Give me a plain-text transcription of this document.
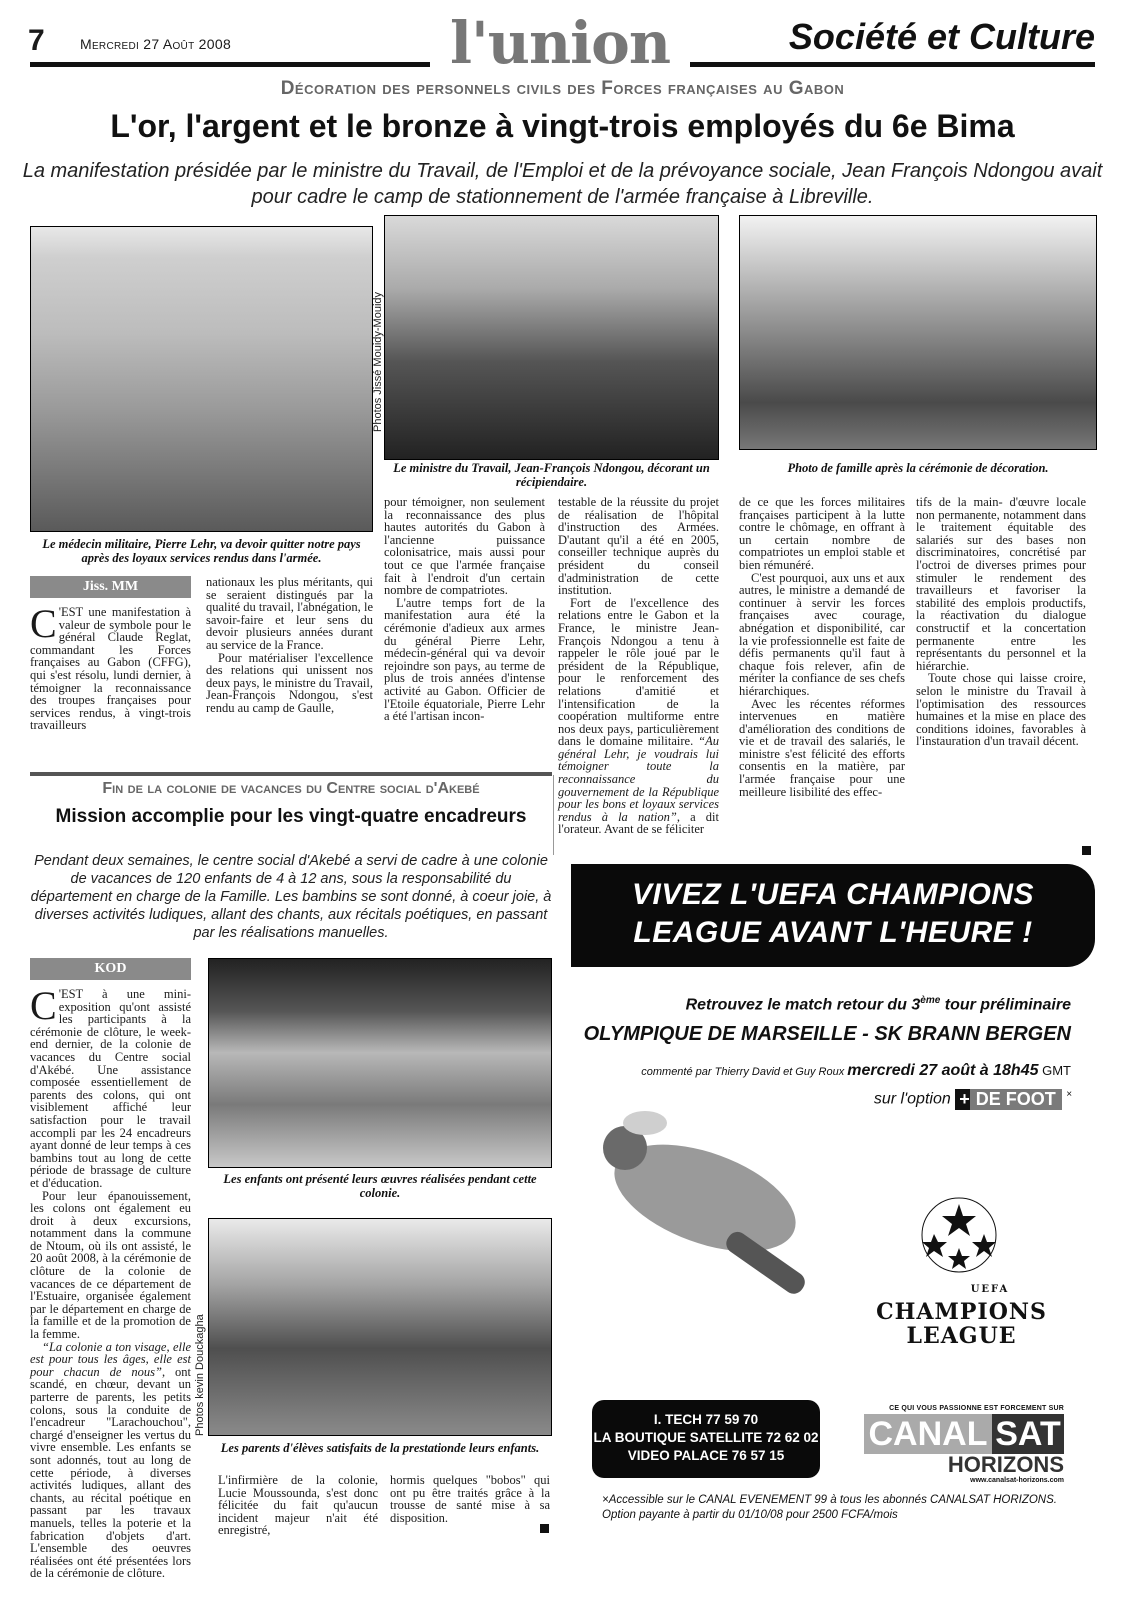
7	Mercredi 27 Août 2008	l'union	Société et Culture
Décoration des personnels civils des Forces françaises au Gabon
L'or, l'argent et le bronze à vingt-trois employés du 6e Bima
La manifestation présidée par le ministre du Travail, de l'Emploi et de la prévoyance sociale, Jean François Ndongou avait pour cadre le camp de stationnement de l'armée française à Libreville.
Photos Jissé Mouidy-Mouidy
Le médecin militaire, Pierre Lehr, va devoir quitter notre pays après des loyaux services rendus dans l'armée.
Le ministre du Travail, Jean-François Ndongou, décorant un récipiendaire.
Photo de famille après la cérémonie de décoration.
Jiss. MM

C 'EST une manifestation à valeur de symbole pour le général Claude Reglat, commandant les Forces françaises au Gabon (CFFG), qui s'est résolu, lundi dernier, à témoigner la reconnaissance des troupes françaises pour services rendus, à vingt-trois travailleurs

nationaux les plus méritants, qui se seraient distingués par la qualité du travail, l'abnégation, le savoir-faire et leur sens du devoir plusieurs années durant au service de la France.

Pour matérialiser l'excellence des relations qui unissent nos deux pays, le ministre du Travail, Jean-François Ndongou, s'est rendu au camp de Gaulle,

pour témoigner, non seulement la reconnaissance des plus hautes autorités du Gabon à l'ancienne puissance colonisatrice, mais aussi pour tout ce que l'armée française fait à l'endroit d'un certain nombre de compatriotes.

L'autre temps fort de la manifestation aura été la cérémonie d'adieux aux armes du général Pierre Lehr, médecin-général qui va devoir rejoindre son pays, au terme de plus de trois années d'intense activité au Gabon. Officier de l'Etoile équatoriale, Pierre Lehr a été l'artisan incon-

testable de la réussite du projet de réalisation de l'hôpital d'instruction des Armées. D'autant qu'il a été en 2005, conseiller technique auprès du président du conseil d'administration de cette institution.

Fort de l'excellence des relations entre le Gabon et la France, le ministre Jean-François Ndongou a tenu à rappeler le rôle joué par le président de la République, pour le renforcement des relations d'amitié et l'intensification de la coopération multiforme entre nos deux pays, particulièrement dans le domaine militaire. “Au général Lehr, je voudrais lui témoigner toute la reconnaissance du gouvernement de la République pour les bons et loyaux services rendus à la nation”, a dit l'orateur. Avant de se féliciter

de ce que les forces militaires françaises participent à la lutte contre le chômage, en offrant à un certain nombre de compatriotes un emploi stable et bien rémunéré.

C'est pourquoi, aux uns et aux autres, le ministre a demandé de continuer à servir les forces françaises avec courage, abnégation et disponibilité, car la vie professionnelle est faite de défis permanents qu'il faut à chaque fois relever, afin de mériter la confiance de ses chefs hiérarchiques.

Avec les récentes réformes intervenues en matière d'amélioration des conditions de vie et de travail des salariés, le ministre s'est félicité des efforts consentis en la matière, par l'armée française pour une meilleure lisibilité des effec-

tifs de la main- d'œuvre locale non permanente, notamment dans le traitement équitable des salariés sur des bases non discriminatoires, concrétisé par l'octroi de diverses primes pour stimuler le rendement des travailleurs et favoriser la stabilité des emplois productifs, la réactivation du dialogue constructif et la concertation permanente entre les représentants du personnel et la hiérarchie.

Toute chose qui laisse croire, selon le ministre du Travail à l'optimisation des ressources humaines et la mise en place des conditions idoines, favorables à l'instauration d'un travail décent.

Fin de la colonie de vacances du Centre social d'Akebé
Mission accomplie pour les vingt-quatre encadreurs
Pendant deux semaines, le centre social d'Akebé a servi de cadre à une colonie de vacances de 120 enfants de 4 à 12 ans, sous la responsabilité du département en charge de la Famille. Les bambins se sont donné, à coeur joie, à diverses activités ludiques, allant des chants, aux récitals poétiques, en passant par les réalisations manuelles.
KOD

C 'EST à une mini-exposition qu'ont assisté les participants à la cérémonie de clôture, le week-end dernier, de la colonie de vacances du Centre social d'Akébé. Une assistance composée essentiellement de parents des colons, qui ont visiblement affiché leur satisfaction pour le travail accompli par les 24 encadreurs ayant donné de leur temps à ces bambins tout au long de cette période de brassage de culture et d'éducation.

Pour leur épanouissement, les colons ont également eu droit à deux excursions, notamment dans la commune de Ntoum, où ils ont assisté, le 20 août 2008, à la cérémonie de clôture de la colonie de vacances de ce département de l'Estuaire, organisée également par le département en charge de la famille et de la promotion de la femme.

“La colonie a ton visage, elle est pour tous les âges, elle est pour chacun de nous”, ont scandé, en chœur, devant un parterre de parents, les petits colons, sous la conduite de l'encadreur "Larachouchou", chargé d'enseigner les vertus du vivre ensemble. Les enfants se sont adonnés, tout au long de cette période, à diverses activités ludiques, allant des chants, au récital poétique en passant par les travaux manuels, telles la poterie et la fabrication d'objets d'art. L'ensemble des oeuvres réalisées ont été présentées lors de la cérémonie de clôture.

Les enfants ont présenté leurs œuvres réalisées pendant cette colonie.
Photos kevin Douckagha
Les parents d'élèves satisfaits de la prestationde leurs enfants.

L'infirmière de la colonie, Lucie Moussounda, s'est donc félicitée du fait qu'aucun incident majeur n'ait été enregistré,

hormis quelques "bobos" qui ont pu être traités grâce à la trousse de santé mise à sa disposition.

VIVEZ L'UEFA CHAMPIONS
LEAGUE AVANT L'HEURE !
Retrouvez le match retour du 3ème tour préliminaire
OLYMPIQUE DE MARSEILLE - SK BRANN BERGEN
commenté par Thierry David et Guy Roux mercredi 27 août à 18h45 GMT
sur l'option + DE FOOT ×
UEFA
CHAMPIONS
LEAGUE
I. TECH 77 59 70
LA BOUTIQUE SATELLITE 72 62 02
VIDEO PALACE 76 57 15
CE QUI VOUS PASSIONNE EST FORCEMENT SUR
CANAL SAT
HORIZONS
www.canalsat-horizons.com
×Accessible sur le CANAL EVENEMENT 99 à tous les abonnés CANALSAT HORIZONS.
Option payante à partir du 01/10/08 pour 2500 FCFA/mois
